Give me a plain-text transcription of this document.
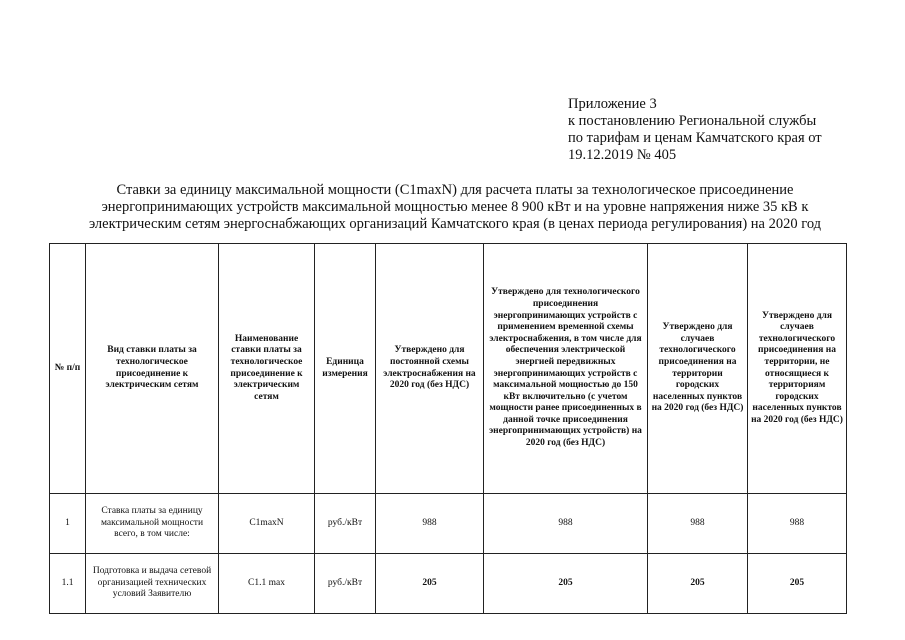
Приложение 3
к постановлению Региональной службы
по тарифам и ценам Камчатского края от
19.12.2019 № 405
Ставки за единицу максимальной мощности (C1maxN) для расчета платы за технологическое присоединение
энергопринимающих устройств максимальной мощностью менее 8 900 кВт и на уровне напряжения ниже 35 кВ к
электрическим сетям энергоснабжающих организаций Камчатского края (в ценах периода регулирования) на 2020 год
№ п/п	Вид ставки платы за технологическое присоединение к электрическим сетям	Наименование ставки платы за технологическое присоединение к электрическим сетям	Единица измерения	Утверждено для постоянной схемы электроснабжения на 2020 год (без НДС)	Утверждено для технологического присоединения энергопринимающих устройств с применением временной схемы электроснабжения, в том числе для обеспечения электрической энергией передвижных энергопринимающих устройств с максимальной мощностью до 150 кВт включительно (с учетом мощности ранее присоединенных в данной точке присоединения энергопринимающих устройств) на 2020 год (без НДС)	Утверждено для случаев технологического присоединения на территории городских населенных пунктов на 2020 год (без НДС)	Утверждено для случаев технологического присоединения на территории, не относящиеся к территориям городских населенных пунктов на 2020 год (без НДС)
1	Ставка платы за единицу максимальной мощности всего, в том числе:	C1maxN	руб./кВт	988	988	988	988
1.1	Подготовка и выдача сетевой организацией технических условий Заявителю	C1.1 max	руб./кВт	205	205	205	205
